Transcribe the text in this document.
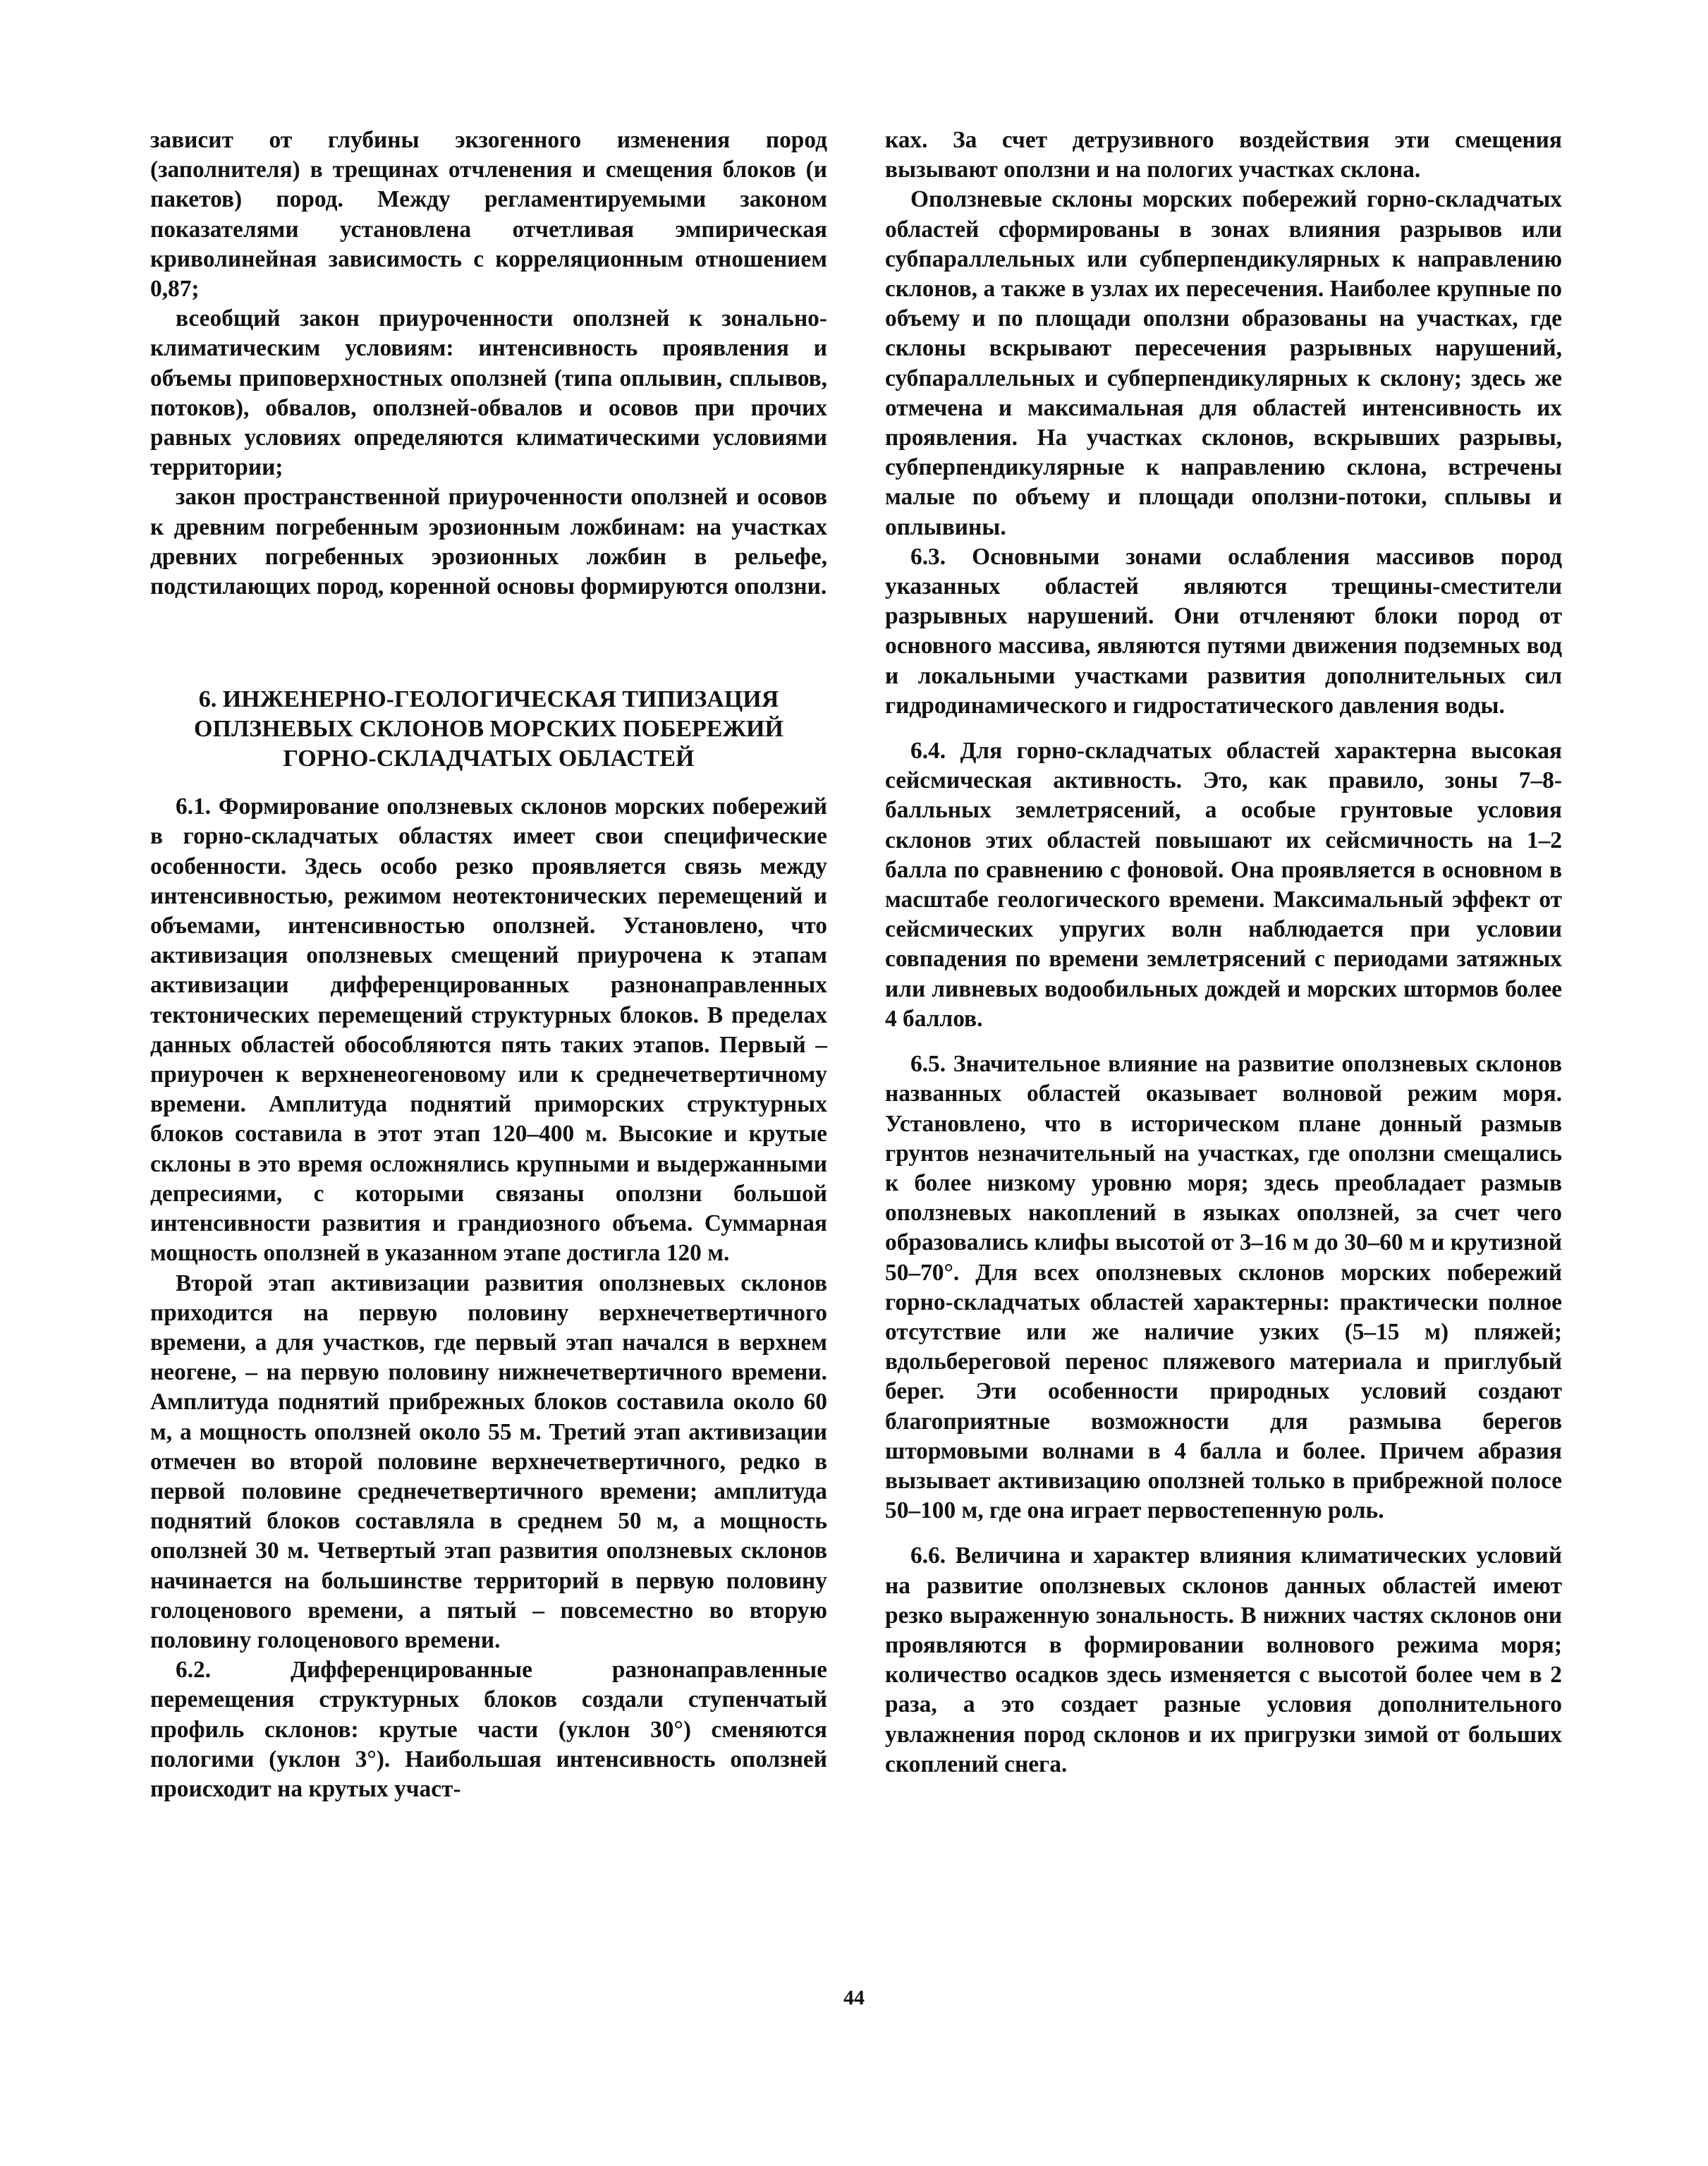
зависит от глубины экзогенного изменения пород (заполнителя) в трещинах отчленения и смещения блоков (и пакетов) пород. Между регламентируемыми законом показателями установлена отчетливая эмпирическая криволинейная зависимость с корреляционным отношением 0,87;

всеобщий закон приуроченности оползней к зонально-климатическим условиям: интенсивность проявления и объемы приповерхностных оползней (типа оплывин, сплывов, потоков), обвалов, оползней-обвалов и осовов при прочих равных условиях определяются климатическими условиями территории;

закон пространственной приуроченности оползней и осовов к древним погребенным эрозионным ложбинам: на участках древних погребенных эрозионных ложбин в рельефе, подстилающих пород, коренной основы формируются оползни.

6. ИНЖЕНЕРНО-ГЕОЛОГИЧЕСКАЯ ТИПИЗАЦИЯ ОПЛЗНЕВЫХ СКЛОНОВ МОРСКИХ ПОБЕРЕЖИЙ ГОРНО-СКЛАДЧАТЫХ ОБЛАСТЕЙ

6.1. Формирование оползневых склонов морских побережий в горно-складчатых областях имеет свои специфические особенности. Здесь особо резко проявляется связь между интенсивностью, режимом неотектонических перемещений и объемами, интенсивностью оползней. Установлено, что активизация оползневых смещений приурочена к этапам активизации дифференцированных разнонаправленных тектонических перемещений структурных блоков. В пределах данных областей обособляются пять таких этапов. Первый – приурочен к верхненеогеновому или к среднечетвертичному времени. Амплитуда поднятий приморских структурных блоков составила в этот этап 120–400 м. Высокие и крутые склоны в это время осложнялись крупными и выдержанными депресиями, с которыми связаны оползни большой интенсивности развития и грандиозного объема. Суммарная мощность оползней в указанном этапе достигла 120 м.

Второй этап активизации развития оползневых склонов приходится на первую половину верхнечетвертичного времени, а для участков, где первый этап начался в верхнем неогене, – на первую половину нижнечетвертичного времени. Амплитуда поднятий прибрежных блоков составила около 60 м, а мощность оползней около 55 м. Третий этап активизации отмечен во второй половине верхнечетвертичного, редко в первой половине среднечетвертичного времени; амплитуда поднятий блоков составляла в среднем 50 м, а мощность оползней 30 м. Четвертый этап развития оползневых склонов начинается на большинстве территорий в первую половину голоценового времени, а пятый – повсеместно во вторую половину голоценового времени.

6.2.	Дифференцированные разнонаправленные перемещения структурных блоков создали ступенчатый профиль склонов: крутые части (уклон 30°) сменяются пологими (уклон 3°). Наибольшая интенсивность оползней происходит на крутых участ-

ках. За счет детрузивного воздействия эти смещения вызывают оползни и на пологих участках склона.

Оползневые склоны морских побережий горно-складчатых областей сформированы в зонах влияния разрывов или субпараллельных или субперпендикулярных к направлению склонов, а также в узлах их пересечения. Наиболее крупные по объему и по площади оползни образованы на участках, где склоны вскрывают пересечения разрывных нарушений, субпараллельных и субперпендикулярных к склону; здесь же отмечена и максимальная для областей интенсивность их проявления. На участках склонов, вскрывших разрывы, субперпендикулярные к направлению склона, встречены малые по объему и площади оползни-потоки, сплывы и оплывины.

6.3. Основными зонами ослабления массивов пород указанных областей являются трещины-сместители разрывных нарушений. Они отчленяют блоки пород от основного массива, являются путями движения подземных вод и локальными участками развития дополнительных сил гидродинамического и гидростатического давления воды.

6.4. Для горно-складчатых областей характерна высокая сейсмическая активность. Это, как правило, зоны 7–8-балльных землетрясений, а особые грунтовые условия склонов этих областей повышают их сейсмичность на 1–2 балла по сравнению с фоновой. Она проявляется в основном в масштабе геологического времени. Максимальный эффект от сейсмических упругих волн наблюдается при условии совпадения по времени землетрясений с периодами затяжных или ливневых водообильных дождей и морских штормов более 4 баллов.

6.5. Значительное влияние на развитие оползневых склонов названных областей оказывает волновой режим моря. Установлено, что в историческом плане донный размыв грунтов незначительный на участках, где оползни смещались к более низкому уровню моря; здесь преобладает размыв оползневых накоплений в языках оползней, за счет чего образовались клифы высотой от 3–16 м до 30–60 м и крутизной 50–70°. Для всех оползневых склонов морских побережий горно-складчатых областей характерны: практически полное отсутствие или же наличие узких (5–15 м) пляжей; вдольбереговой перенос пляжевого материала и приглубый берег. Эти особенности природных условий создают благоприятные возможности для размыва берегов штормовыми волнами в 4 балла и более. Причем абразия вызывает активизацию оползней только в прибрежной полосе 50–100 м, где она играет первостепенную роль.

6.6. Величина и характер влияния климатических условий на развитие оползневых склонов данных областей имеют резко выраженную зональность. В нижних частях склонов они проявляются в формировании волнового режима моря; количество осадков здесь изменяется с высотой более чем в 2 раза, а это создает разные условия дополнительного увлажнения пород склонов и их пригрузки зимой от больших скоплений снега.

44
